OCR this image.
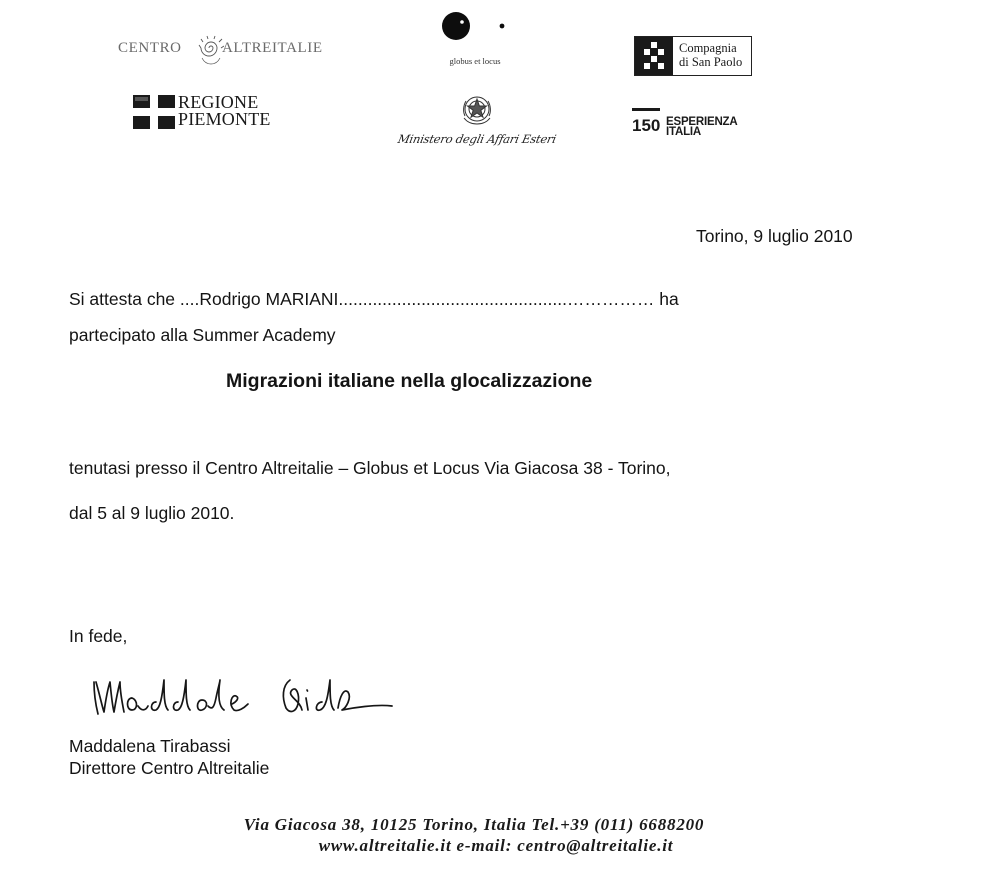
CENTRO	ALTREITALIE
globus et locus
Compagnia
di San Paolo
REGIONE
PIEMONTE
Ministero degli Affari Esteri
150 ESPERIENZA
ITALIA
Torino, 9 luglio 2010
Si attesta che ....Rodrigo MARIANI...............................................…………… ha
partecipato alla Summer Academy
Migrazioni italiane nella glocalizzazione
tenutasi presso il Centro Altreitalie – Globus et Locus Via Giacosa 38 - Torino,
dal 5 al 9 luglio 2010.
In fede,
Maddalena Tirabassi
Direttore Centro Altreitalie
Via Giacosa 38, 10125 Torino, Italia Tel.+39 (011) 6688200
www.altreitalie.it e-mail: centro@altreitalie.it
